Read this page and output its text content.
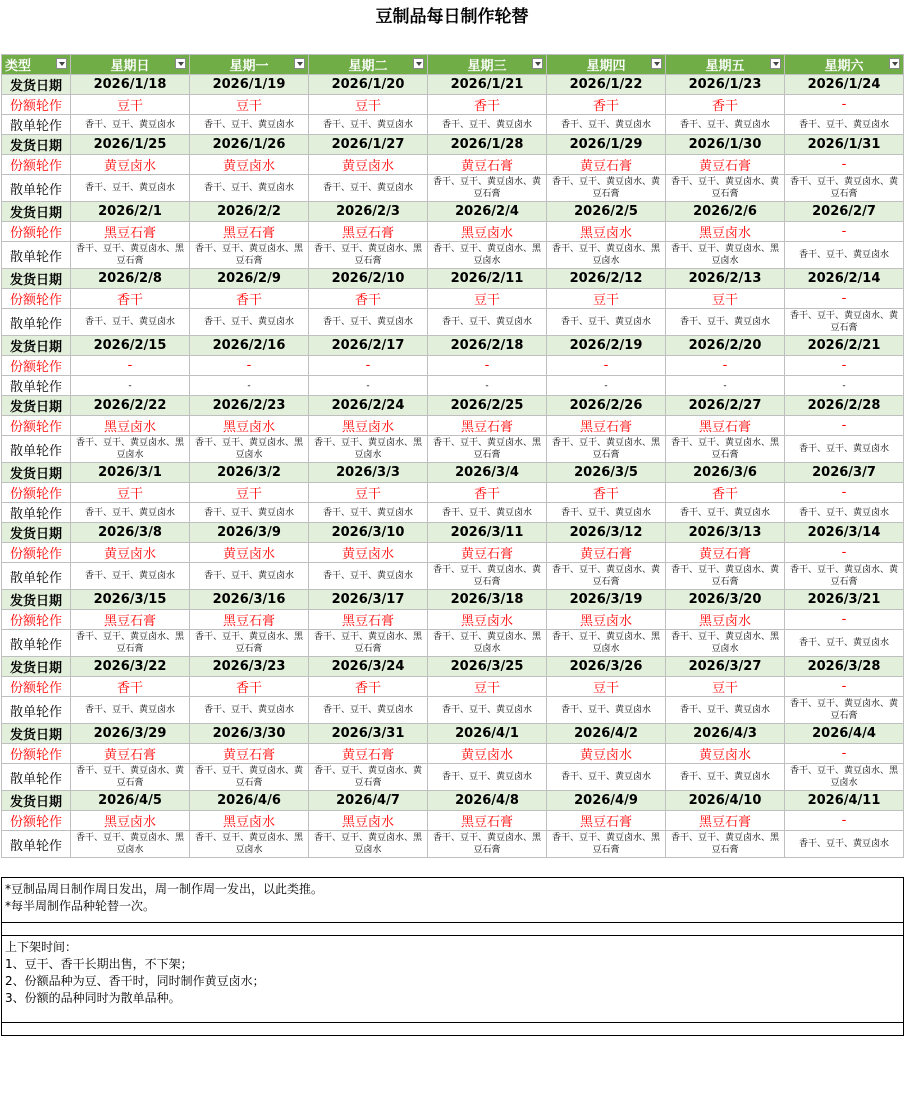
豆制品每日制作轮替
类型	星期日	星期一	星期二	星期三	星期四	星期五	星期六

发货日期	2026/1/18	2026/1/19	2026/1/20	2026/1/21	2026/1/22	2026/1/23	2026/1/24
份额轮作	豆干	豆干	豆干	香干	香干	香干	-
散单轮作	香干、豆干、黄豆卤水	香干、豆干、黄豆卤水	香干、豆干、黄豆卤水	香干、豆干、黄豆卤水	香干、豆干、黄豆卤水	香干、豆干、黄豆卤水	香干、豆干、黄豆卤水
发货日期	2026/1/25	2026/1/26	2026/1/27	2026/1/28	2026/1/29	2026/1/30	2026/1/31
份额轮作	黄豆卤水	黄豆卤水	黄豆卤水	黄豆石膏	黄豆石膏	黄豆石膏	-
散单轮作	香干、豆干、黄豆卤水	香干、豆干、黄豆卤水	香干、豆干、黄豆卤水	香干、豆干、黄豆卤水、黄豆石膏	香干、豆干、黄豆卤水、黄豆石膏	香干、豆干、黄豆卤水、黄豆石膏	香干、豆干、黄豆卤水、黄豆石膏
发货日期	2026/2/1	2026/2/2	2026/2/3	2026/2/4	2026/2/5	2026/2/6	2026/2/7
份额轮作	黑豆石膏	黑豆石膏	黑豆石膏	黑豆卤水	黑豆卤水	黑豆卤水	-
散单轮作	香干、豆干、黄豆卤水、黑豆石膏	香干、豆干、黄豆卤水、黑豆石膏	香干、豆干、黄豆卤水、黑豆石膏	香干、豆干、黄豆卤水、黑豆卤水	香干、豆干、黄豆卤水、黑豆卤水	香干、豆干、黄豆卤水、黑豆卤水	香干、豆干、黄豆卤水
发货日期	2026/2/8	2026/2/9	2026/2/10	2026/2/11	2026/2/12	2026/2/13	2026/2/14
份额轮作	香干	香干	香干	豆干	豆干	豆干	-
散单轮作	香干、豆干、黄豆卤水	香干、豆干、黄豆卤水	香干、豆干、黄豆卤水	香干、豆干、黄豆卤水	香干、豆干、黄豆卤水	香干、豆干、黄豆卤水	香干、豆干、黄豆卤水、黄豆石膏
发货日期	2026/2/15	2026/2/16	2026/2/17	2026/2/18	2026/2/19	2026/2/20	2026/2/21
份额轮作	-	-	-	-	-	-	-
散单轮作	-	-	-	-	-	-	-
发货日期	2026/2/22	2026/2/23	2026/2/24	2026/2/25	2026/2/26	2026/2/27	2026/2/28
份额轮作	黑豆卤水	黑豆卤水	黑豆卤水	黑豆石膏	黑豆石膏	黑豆石膏	-
散单轮作	香干、豆干、黄豆卤水、黑豆卤水	香干、豆干、黄豆卤水、黑豆卤水	香干、豆干、黄豆卤水、黑豆卤水	香干、豆干、黄豆卤水、黑豆石膏	香干、豆干、黄豆卤水、黑豆石膏	香干、豆干、黄豆卤水、黑豆石膏	香干、豆干、黄豆卤水
发货日期	2026/3/1	2026/3/2	2026/3/3	2026/3/4	2026/3/5	2026/3/6	2026/3/7
份额轮作	豆干	豆干	豆干	香干	香干	香干	-
散单轮作	香干、豆干、黄豆卤水	香干、豆干、黄豆卤水	香干、豆干、黄豆卤水	香干、豆干、黄豆卤水	香干、豆干、黄豆卤水	香干、豆干、黄豆卤水	香干、豆干、黄豆卤水
发货日期	2026/3/8	2026/3/9	2026/3/10	2026/3/11	2026/3/12	2026/3/13	2026/3/14
份额轮作	黄豆卤水	黄豆卤水	黄豆卤水	黄豆石膏	黄豆石膏	黄豆石膏	-
散单轮作	香干、豆干、黄豆卤水	香干、豆干、黄豆卤水	香干、豆干、黄豆卤水	香干、豆干、黄豆卤水、黄豆石膏	香干、豆干、黄豆卤水、黄豆石膏	香干、豆干、黄豆卤水、黄豆石膏	香干、豆干、黄豆卤水、黄豆石膏
发货日期	2026/3/15	2026/3/16	2026/3/17	2026/3/18	2026/3/19	2026/3/20	2026/3/21
份额轮作	黑豆石膏	黑豆石膏	黑豆石膏	黑豆卤水	黑豆卤水	黑豆卤水	-
散单轮作	香干、豆干、黄豆卤水、黑豆石膏	香干、豆干、黄豆卤水、黑豆石膏	香干、豆干、黄豆卤水、黑豆石膏	香干、豆干、黄豆卤水、黑豆卤水	香干、豆干、黄豆卤水、黑豆卤水	香干、豆干、黄豆卤水、黑豆卤水	香干、豆干、黄豆卤水
发货日期	2026/3/22	2026/3/23	2026/3/24	2026/3/25	2026/3/26	2026/3/27	2026/3/28
份额轮作	香干	香干	香干	豆干	豆干	豆干	-
散单轮作	香干、豆干、黄豆卤水	香干、豆干、黄豆卤水	香干、豆干、黄豆卤水	香干、豆干、黄豆卤水	香干、豆干、黄豆卤水	香干、豆干、黄豆卤水	香干、豆干、黄豆卤水、黄豆石膏
发货日期	2026/3/29	2026/3/30	2026/3/31	2026/4/1	2026/4/2	2026/4/3	2026/4/4
份额轮作	黄豆石膏	黄豆石膏	黄豆石膏	黄豆卤水	黄豆卤水	黄豆卤水	-
散单轮作	香干、豆干、黄豆卤水、黄豆石膏	香干、豆干、黄豆卤水、黄豆石膏	香干、豆干、黄豆卤水、黄豆石膏	香干、豆干、黄豆卤水	香干、豆干、黄豆卤水	香干、豆干、黄豆卤水	香干、豆干、黄豆卤水、黑豆卤水
发货日期	2026/4/5	2026/4/6	2026/4/7	2026/4/8	2026/4/9	2026/4/10	2026/4/11
份额轮作	黑豆卤水	黑豆卤水	黑豆卤水	黑豆石膏	黑豆石膏	黑豆石膏	-
散单轮作	香干、豆干、黄豆卤水、黑豆卤水	香干、豆干、黄豆卤水、黑豆卤水	香干、豆干、黄豆卤水、黑豆卤水	香干、豆干、黄豆卤水、黑豆石膏	香干、豆干、黄豆卤水、黑豆石膏	香干、豆干、黄豆卤水、黑豆石膏	香干、豆干、黄豆卤水
*豆制品周日制作周日发出，周一制作周一发出，以此类推。
*每半周制作品种轮替一次。

上下架时间：
1、豆干、香干长期出售，不下架；
2、份额品种为豆、香干时，同时制作黄豆卤水；
3、份额的品种同时为散单品种。
